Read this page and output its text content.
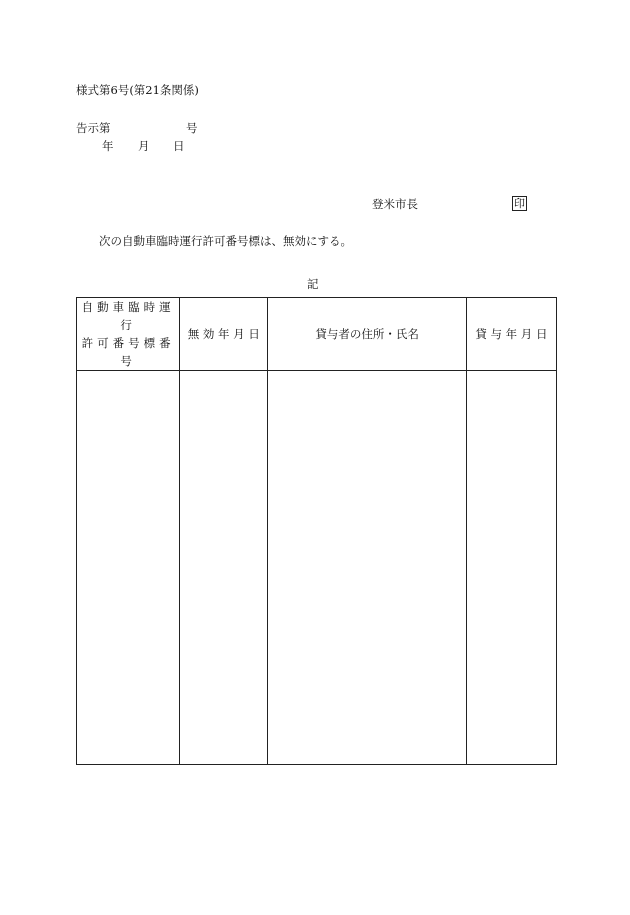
様式第6号(第21条関係)
告示第	号
年 月 日
登米市長	印
次の自動車臨時運行許可番号標は、無効にする。
記
自動車臨時運行
許可番号標番号	無 効 年 月 日	貸与者の住所・氏名	貸 与 年 月 日
